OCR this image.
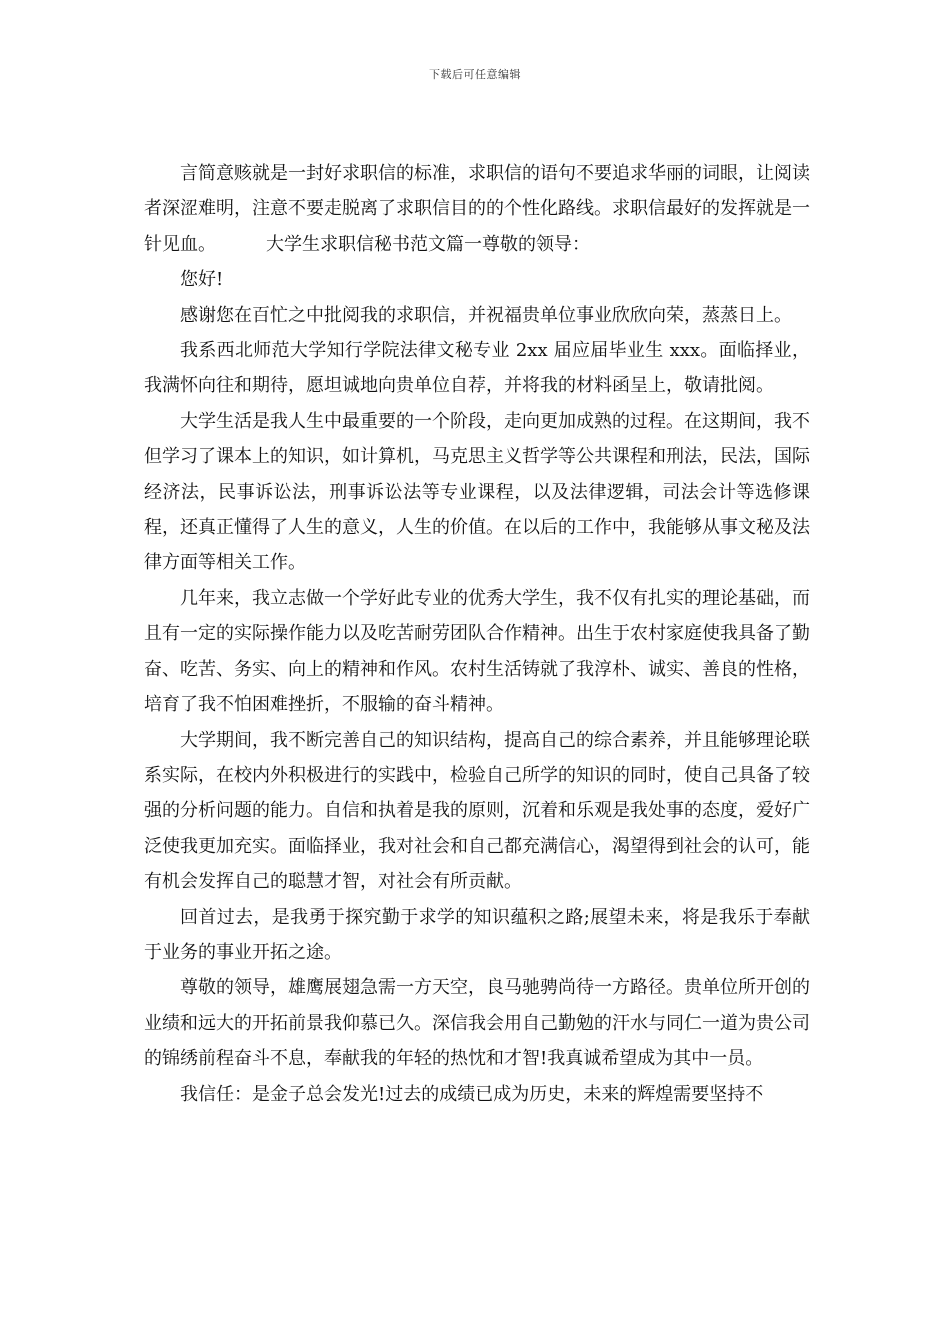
下载后可任意编辑

言简意赅就是一封好求职信的标准，求职信的语句不要追求华丽的词眼，让阅读者深涩难明，注意不要走脱离了求职信目的的个性化路线。求职信最好的发挥就是一针见血。	大学生求职信秘书范文篇一尊敬的领导：

您好!

感谢您在百忙之中批阅我的求职信，并祝福贵单位事业欣欣向荣，蒸蒸日上。

我系西北师范大学知行学院法律文秘专业 2xx 届应届毕业生 xxx。面临择业，我满怀向往和期待，愿坦诚地向贵单位自荐，并将我的材料函呈上，敬请批阅。

大学生活是我人生中最重要的一个阶段，走向更加成熟的过程。在这期间，我不但学习了课本上的知识，如计算机，马克思主义哲学等公共课程和刑法，民法，国际经济法，民事诉讼法，刑事诉讼法等专业课程，以及法律逻辑，司法会计等选修课程，还真正懂得了人生的意义，人生的价值。在以后的工作中，我能够从事文秘及法律方面等相关工作。

几年来，我立志做一个学好此专业的优秀大学生，我不仅有扎实的理论基础，而且有一定的实际操作能力以及吃苦耐劳团队合作精神。出生于农村家庭使我具备了勤奋、吃苦、务实、向上的精神和作风。农村生活铸就了我淳朴、诚实、善良的性格，培育了我不怕困难挫折，不服输的奋斗精神。

大学期间，我不断完善自己的知识结构，提高自己的综合素养，并且能够理论联系实际，在校内外积极进行的实践中，检验自己所学的知识的同时，使自己具备了较强的分析问题的能力。自信和执着是我的原则，沉着和乐观是我处事的态度，爱好广泛使我更加充实。面临择业，我对社会和自己都充满信心，渴望得到社会的认可，能有机会发挥自己的聪慧才智，对社会有所贡献。

回首过去，是我勇于探究勤于求学的知识蕴积之路;展望未来，将是我乐于奉献于业务的事业开拓之途。

尊敬的领导，雄鹰展翅急需一方天空，良马驰骋尚待一方路径。贵单位所开创的业绩和远大的开拓前景我仰慕已久。深信我会用自己勤勉的汗水与同仁一道为贵公司的锦绣前程奋斗不息，奉献我的年轻的热忱和才智!我真诚希望成为其中一员。

我信任：是金子总会发光!过去的成绩已成为历史，未来的辉煌需要坚持不
